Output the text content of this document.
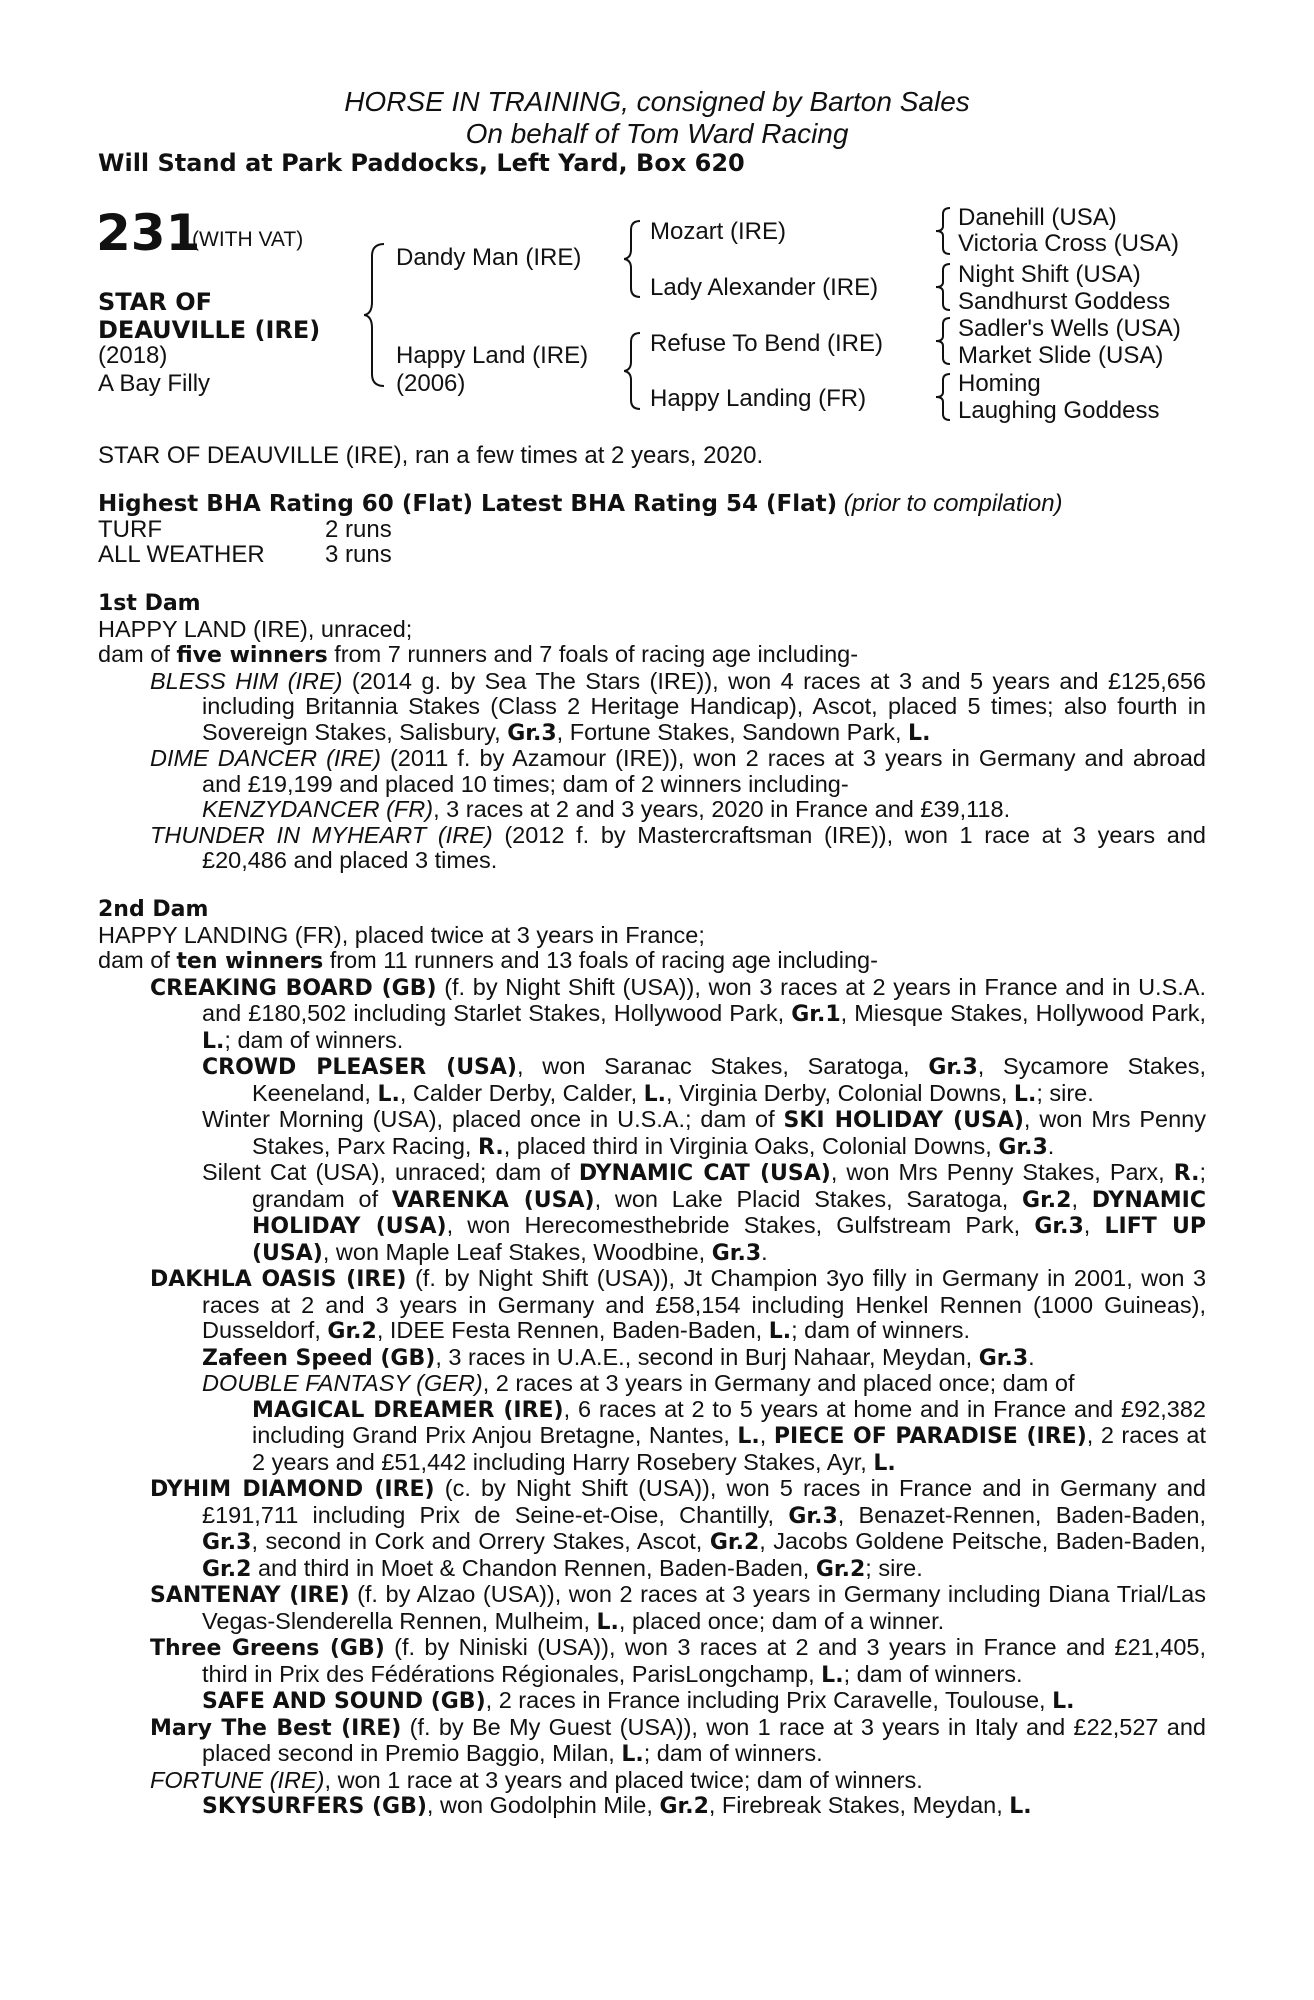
HORSE IN TRAINING, consigned by Barton Sales
On behalf of Tom Ward Racing
Will Stand at Park Paddocks, Left Yard, Box 620
231
(WITH VAT)
STAR OF
DEAUVILLE (IRE)
(2018)
A Bay Filly
Dandy Man (IRE)
Happy Land (IRE)
(2006)
Mozart (IRE)
Lady Alexander (IRE)
Refuse To Bend (IRE)
Happy Landing (FR)
Danehill (USA)
Victoria Cross (USA)
Night Shift (USA)
Sandhurst Goddess
Sadler's Wells (USA)
Market Slide (USA)
Homing
Laughing Goddess
STAR OF DEAUVILLE (IRE), ran a few times at 2 years, 2020.
Highest BHA Rating 60 (Flat) Latest BHA Rating 54 (Flat) (prior to compilation)
TURF	2 runs
ALL WEATHER	3 runs

1st Dam

HAPPY LAND (IRE), unraced;

dam of five winners from 7 runners and 7 foals of racing age including-

BLESS HIM (IRE) (2014 g. by Sea The Stars (IRE)), won 4 races at 3 and 5 years and £125,656 including Britannia Stakes (Class 2 Heritage Handicap), Ascot, placed 5 times; also fourth in Sovereign Stakes, Salisbury, Gr.3, Fortune Stakes, Sandown Park, L.

DIME DANCER (IRE) (2011 f. by Azamour (IRE)), won 2 races at 3 years in Germany and abroad and £19,199 and placed 10 times; dam of 2 winners including-

KENZYDANCER (FR), 3 races at 2 and 3 years, 2020 in France and £39,118.

THUNDER IN MYHEART (IRE) (2012 f. by Mastercraftsman (IRE)), won 1 race at 3 years and £20,486 and placed 3 times.

2nd Dam

HAPPY LANDING (FR), placed twice at 3 years in France;

dam of ten winners from 11 runners and 13 foals of racing age including-

CREAKING BOARD (GB) (f. by Night Shift (USA)), won 3 races at 2 years in France and in U.S.A. and £180,502 including Starlet Stakes, Hollywood Park, Gr.1, Miesque Stakes, Hollywood Park, L.; dam of winners.

CROWD PLEASER (USA), won Saranac Stakes, Saratoga, Gr.3, Sycamore Stakes, Keeneland, L., Calder Derby, Calder, L., Virginia Derby, Colonial Downs, L.; sire.

Winter Morning (USA), placed once in U.S.A.; dam of SKI HOLIDAY (USA), won Mrs Penny Stakes, Parx Racing, R., placed third in Virginia Oaks, Colonial Downs, Gr.3.

Silent Cat (USA), unraced; dam of DYNAMIC CAT (USA), won Mrs Penny Stakes, Parx, R.; grandam of VARENKA (USA), won Lake Placid Stakes, Saratoga, Gr.2, DYNAMIC HOLIDAY (USA), won Herecomesthebride Stakes, Gulfstream Park, Gr.3, LIFT UP (USA), won Maple Leaf Stakes, Woodbine, Gr.3.

DAKHLA OASIS (IRE) (f. by Night Shift (USA)), Jt Champion 3yo filly in Germany in 2001, won 3 races at 2 and 3 years in Germany and £58,154 including Henkel Rennen (1000 Guineas), Dusseldorf, Gr.2, IDEE Festa Rennen, Baden-Baden, L.; dam of winners.

Zafeen Speed (GB), 3 races in U.A.E., second in Burj Nahaar, Meydan, Gr.3.

DOUBLE FANTASY (GER), 2 races at 3 years in Germany and placed once; dam of

MAGICAL DREAMER (IRE), 6 races at 2 to 5 years at home and in France and £92,382 including Grand Prix Anjou Bretagne, Nantes, L., PIECE OF PARADISE (IRE), 2 races at 2 years and £51,442 including Harry Rosebery Stakes, Ayr, L.

DYHIM DIAMOND (IRE) (c. by Night Shift (USA)), won 5 races in France and in Germany and £191,711 including Prix de Seine-et-Oise, Chantilly, Gr.3, Benazet-Rennen, Baden-Baden, Gr.3, second in Cork and Orrery Stakes, Ascot, Gr.2, Jacobs Goldene Peitsche, Baden-Baden, Gr.2 and third in Moet & Chandon Rennen, Baden-Baden, Gr.2; sire.

SANTENAY (IRE) (f. by Alzao (USA)), won 2 races at 3 years in Germany including Diana Trial/Las Vegas-Slenderella Rennen, Mulheim, L., placed once; dam of a winner.

Three Greens (GB) (f. by Niniski (USA)), won 3 races at 2 and 3 years in France and £21,405, third in Prix des Fédérations Régionales, ParisLongchamp, L.; dam of winners.

SAFE AND SOUND (GB), 2 races in France including Prix Caravelle, Toulouse, L.

Mary The Best (IRE) (f. by Be My Guest (USA)), won 1 race at 3 years in Italy and £22,527 and placed second in Premio Baggio, Milan, L.; dam of winners.

FORTUNE (IRE), won 1 race at 3 years and placed twice; dam of winners.

SKYSURFERS (GB), won Godolphin Mile, Gr.2, Firebreak Stakes, Meydan, L.
